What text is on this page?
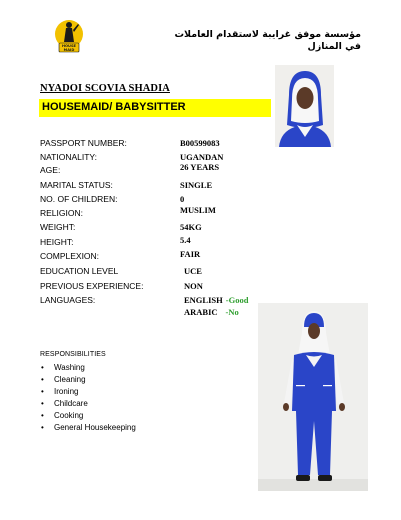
HOUSE
MAID
مؤسسة موفق غرايبة لاستقدام العاملات في المنازل
NYADOI SCOVIA SHADIA
HOUSEMAID/ BABYSITTER
PASSPORT NUMBER:	B00599083
NATIONALITY:	UGANDAN
AGE:	26 YEARS
MARITAL STATUS:	SINGLE
NO. OF CHILDREN:	0
RELIGION:	MUSLIM
WEIGHT:	54KG
HEIGHT:	5.4
COMPLEXION:	FAIR
EDUCATION LEVEL	UCE
PREVIOUS EXPERIENCE:	NON
LANGUAGES:	ENGLISH -Good
ARABIC -No
RESPONSIBILITIES
• Washing
• Cleaning
• Ironing
• Childcare
• Cooking
• General Housekeeping
